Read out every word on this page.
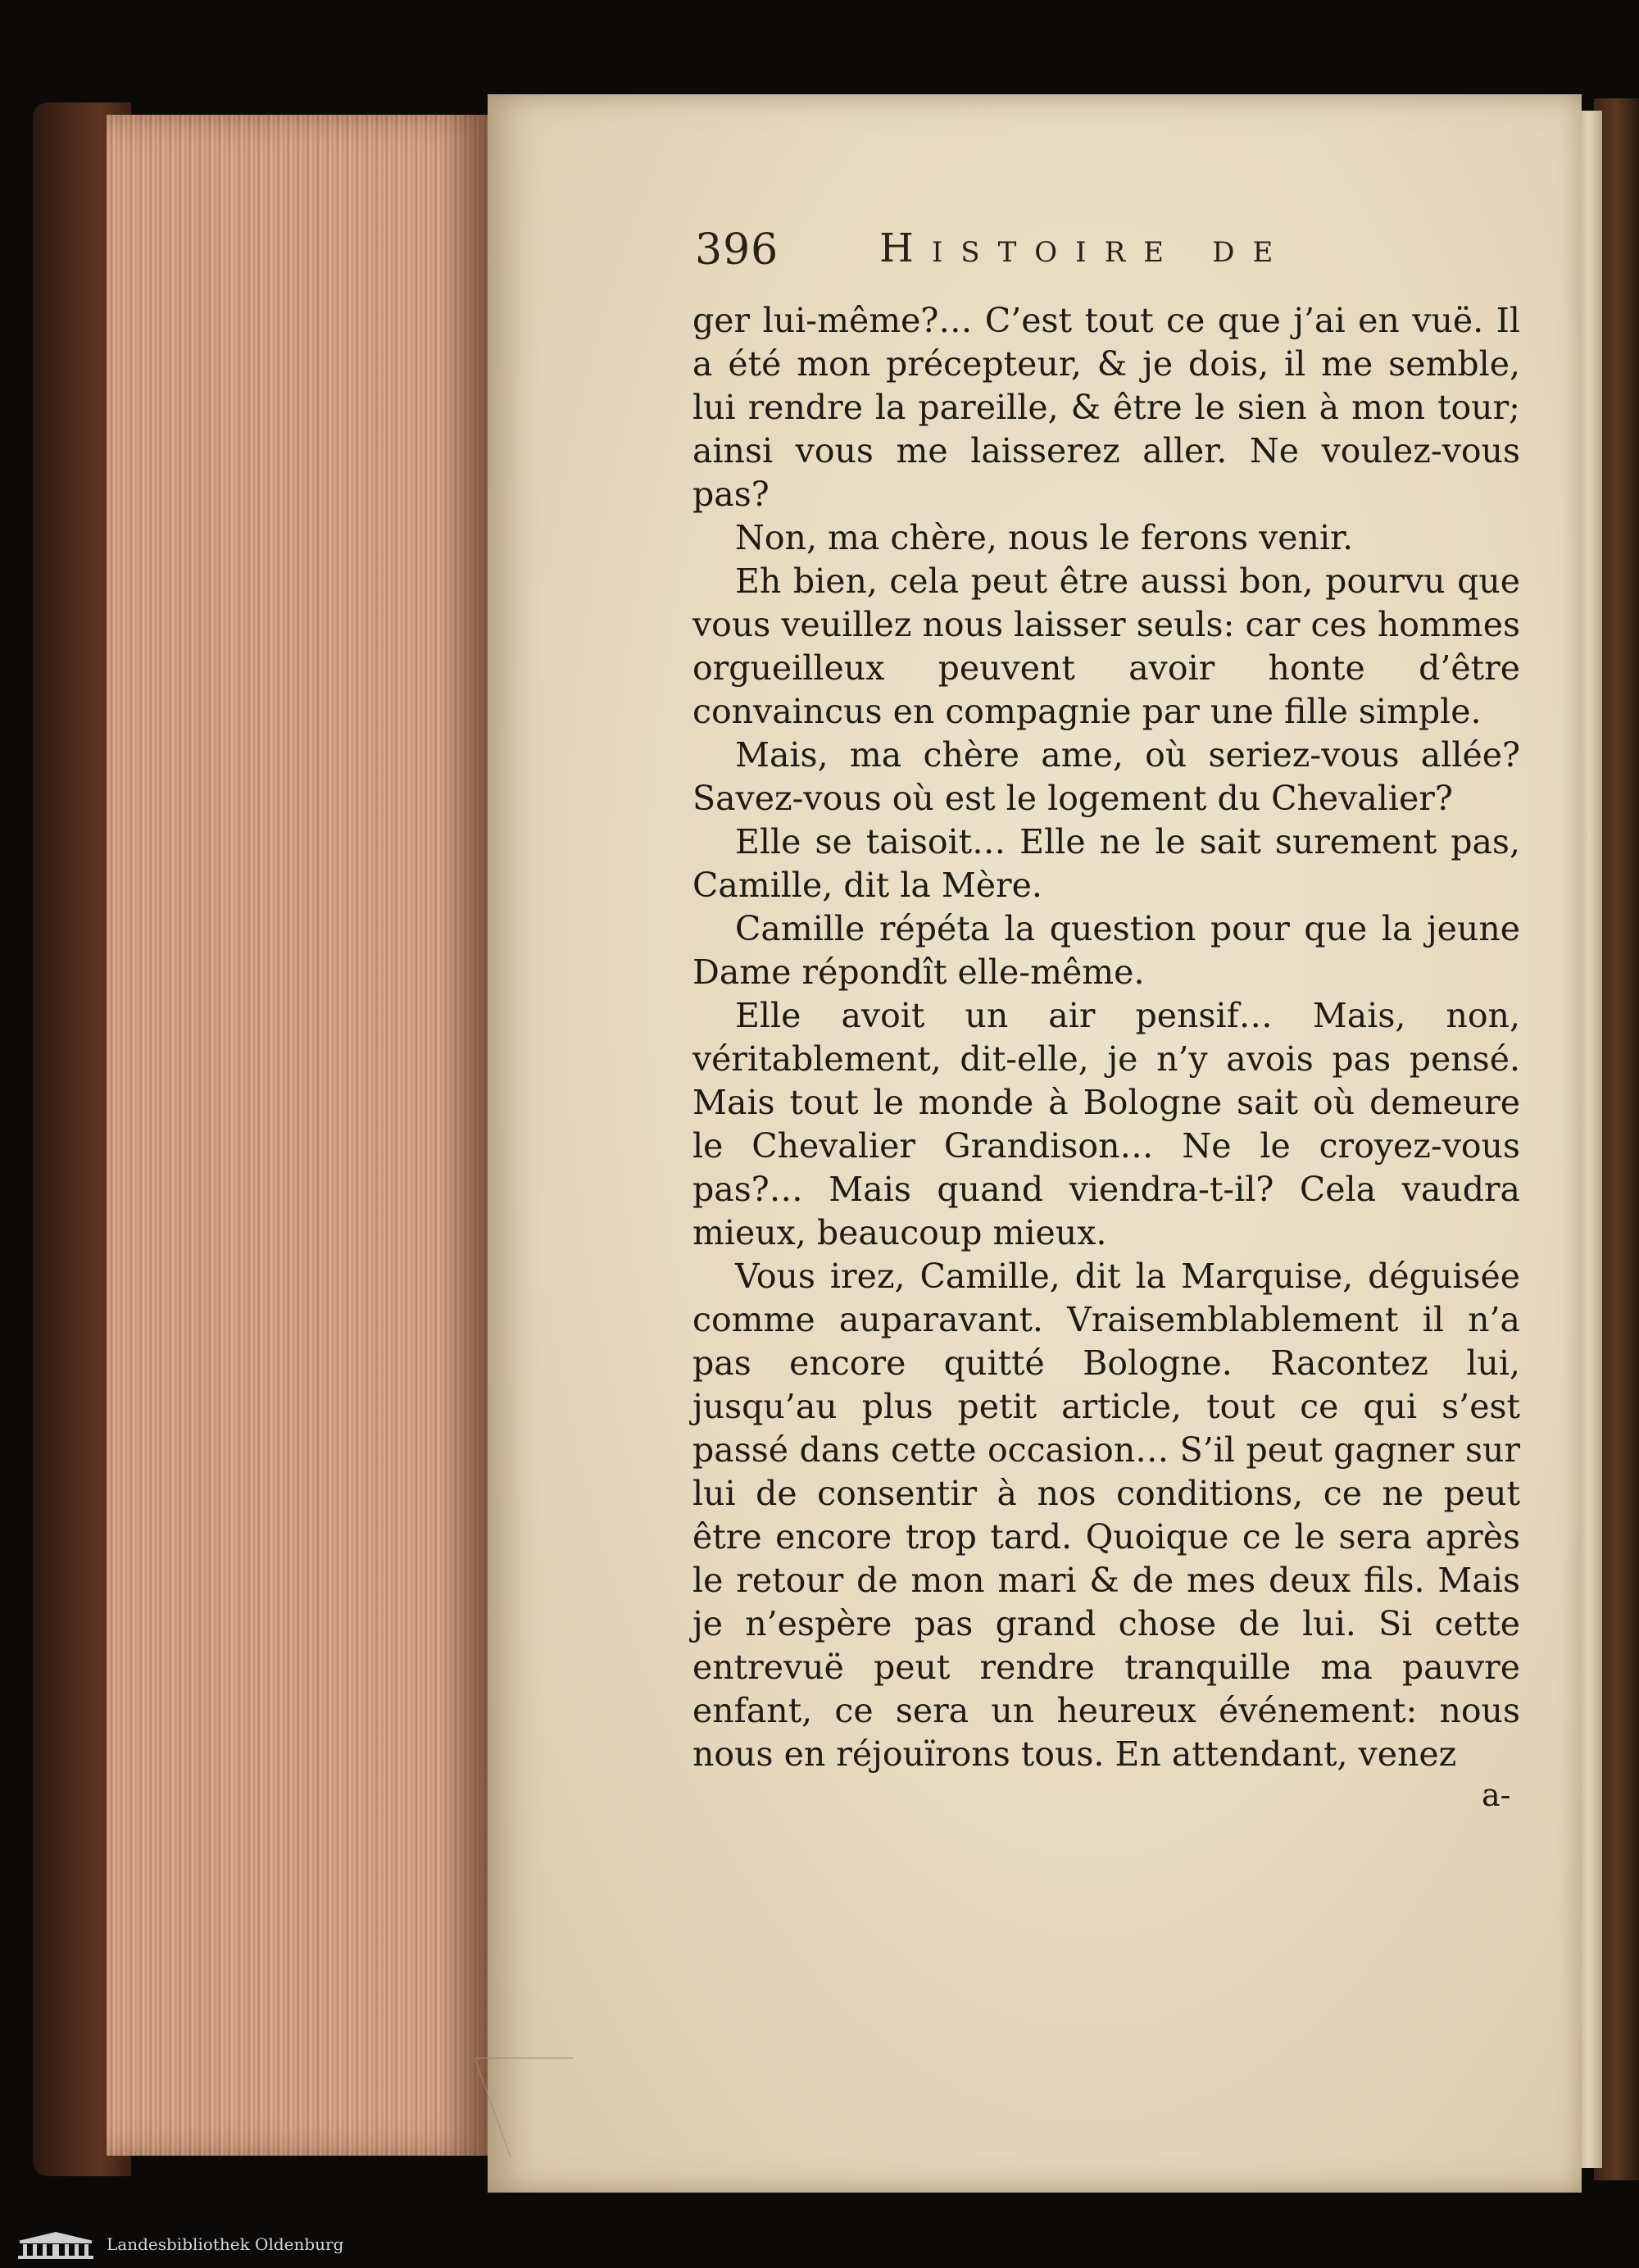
396	Histoire de

ger lui-même?… C’est tout ce que j’ai en vuë. Il a été mon précepteur, & je dois, il me semble, lui rendre la pareille, & être le sien à mon tour; ainsi vous me laisserez aller. Ne voulez-vous pas?

Non, ma chère, nous le ferons venir.

Eh bien, cela peut être aussi bon, pourvu que vous veuillez nous laisser seuls: car ces hommes orgueilleux peuvent avoir honte d’être convaincus en compagnie par une fille simple.

Mais, ma chère ame, où seriez-vous allée? Savez-vous où est le logement du Chevalier?

Elle se taisoit… Elle ne le sait surement pas, Camille, dit la Mère.

Camille répéta la question pour que la jeune Dame répondît elle-même.

Elle avoit un air pensif… Mais, non, véritablement, dit-elle, je n’y avois pas pensé. Mais tout le monde à Bologne sait où demeure le Chevalier Grandison… Ne le croyez-vous pas?… Mais quand viendra-t-il? Cela vaudra mieux, beaucoup mieux.

Vous irez, Camille, dit la Marquise, déguisée comme auparavant. Vraisemblablement il n’a pas encore quitté Bologne. Racontez lui, jusqu’au plus petit article, tout ce qui s’est passé dans cette occasion… S’il peut gagner sur lui de consentir à nos conditions, ce ne peut être encore trop tard. Quoique ce le sera après le retour de mon mari & de mes deux fils. Mais je n’espère pas grand chose de lui. Si cette entrevuë peut rendre tranquille ma pauvre enfant, ce sera un heureux événement: nous nous en réjouïrons tous. En attendant, venez

a-
Landesbibliothek Oldenburg
